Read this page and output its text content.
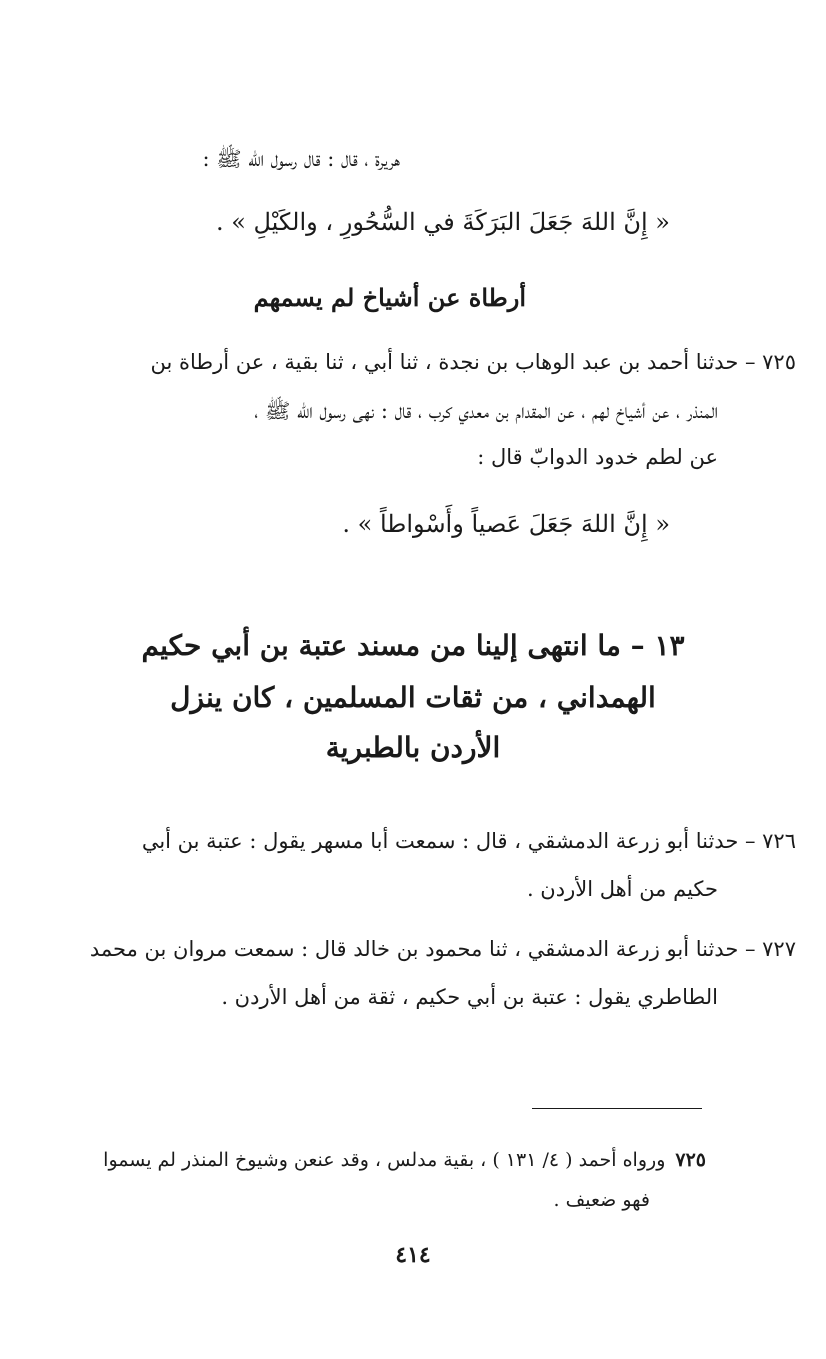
هريرة ، قال : قال رسول الله ﷺ :
« إِنَّ اللهَ جَعَلَ البَرَكَةَ في السُّحُورِ ، والكَيْلِ » .
أرطاة عن أشياخ لم يسمهم
٧٢٥ – حدثنا أحمد بن عبد الوهاب بن نجدة ، ثنا أبي ، ثنا بقية ، عن أرطاة بن
المنذر ، عن أشياخ لهم ، عن المقدام بن معدي كرب ، قال : نهى رسول الله ﷺ ،
عن لطم خدود الدوابّ قال :
« إِنَّ اللهَ جَعَلَ عَصياً وأَسْواطاً » .
١٣ – ما انتهى إلينا من مسند عتبة بن أبي حكيم
الهمداني ، من ثقات المسلمين ، كان ينزل
الأردن بالطبرية
٧٢٦ – حدثنا أبو زرعة الدمشقي ، قال : سمعت أبا مسهر يقول : عتبة بن أبي
حكيم من أهل الأردن .
٧٢٧ – حدثنا أبو زرعة الدمشقي ، ثنا محمود بن خالد قال : سمعت مروان بن محمد
الطاطري يقول : عتبة بن أبي حكيم ، ثقة من أهل الأردن .
٧٢٥ورواه أحمد ( ٤/ ١٣١ ) ، بقية مدلس ، وقد عنعن وشيوخ المنذر لم يسموا
فهو ضعيف .
٤١٤
